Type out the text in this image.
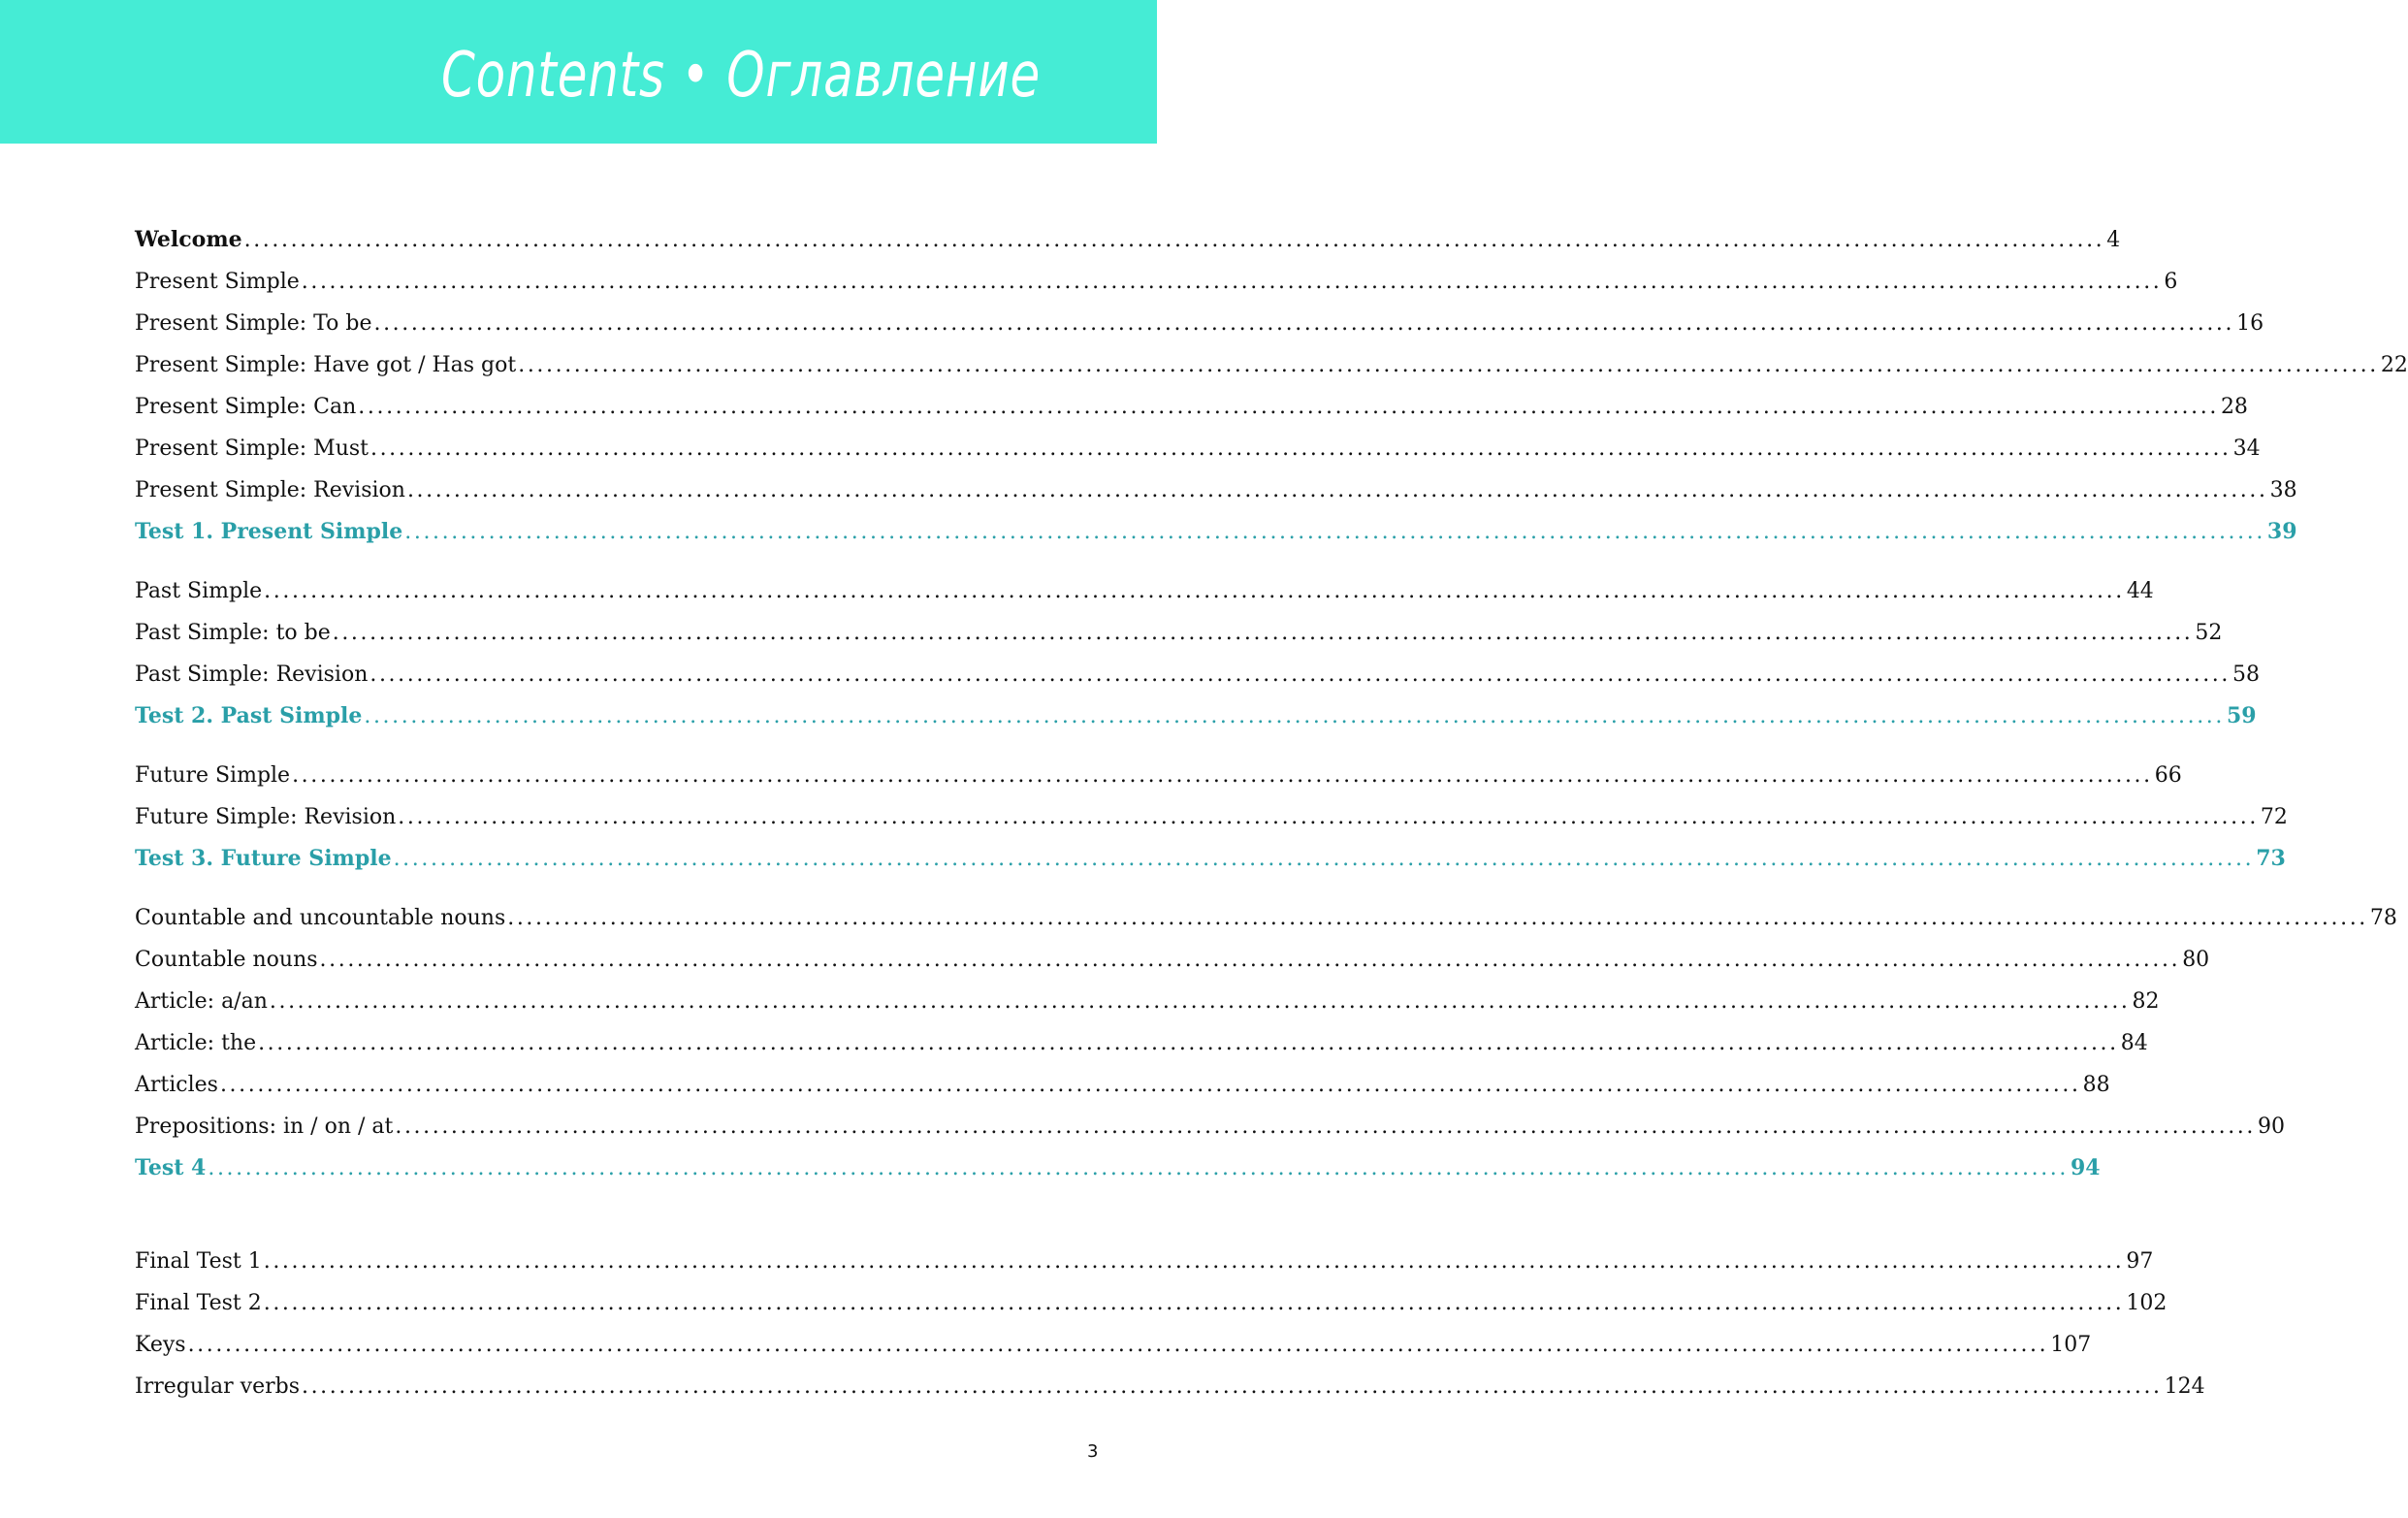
Contents • Оглавление
Welcome ........................................................................................................................................................................................................ 4
Present Simple ........................................................................................................................................................................................................ 6
Present Simple: To be ........................................................................................................................................................................................................ 16
Present Simple: Have got / Has got ........................................................................................................................................................................................................ 22
Present Simple: Can ........................................................................................................................................................................................................ 28
Present Simple: Must ........................................................................................................................................................................................................ 34
Present Simple: Revision ........................................................................................................................................................................................................ 38
Test 1. Present Simple ........................................................................................................................................................................................................ 39
Past Simple ........................................................................................................................................................................................................ 44
Past Simple: to be ........................................................................................................................................................................................................ 52
Past Simple: Revision ........................................................................................................................................................................................................ 58
Test 2. Past Simple ........................................................................................................................................................................................................ 59
Future Simple ........................................................................................................................................................................................................ 66
Future Simple: Revision ........................................................................................................................................................................................................ 72
Test 3. Future Simple ........................................................................................................................................................................................................ 73
Countable and uncountable nouns ........................................................................................................................................................................................................ 78
Countable nouns ........................................................................................................................................................................................................ 80
Article: a/an ........................................................................................................................................................................................................ 82
Article: the ........................................................................................................................................................................................................ 84
Articles ........................................................................................................................................................................................................ 88
Prepositions: in / on / at ........................................................................................................................................................................................................ 90
Test 4 ........................................................................................................................................................................................................ 94
Final Test 1 ........................................................................................................................................................................................................ 97
Final Test 2 ........................................................................................................................................................................................................ 102
Keys ........................................................................................................................................................................................................ 107
Irregular verbs ........................................................................................................................................................................................................ 124
3
